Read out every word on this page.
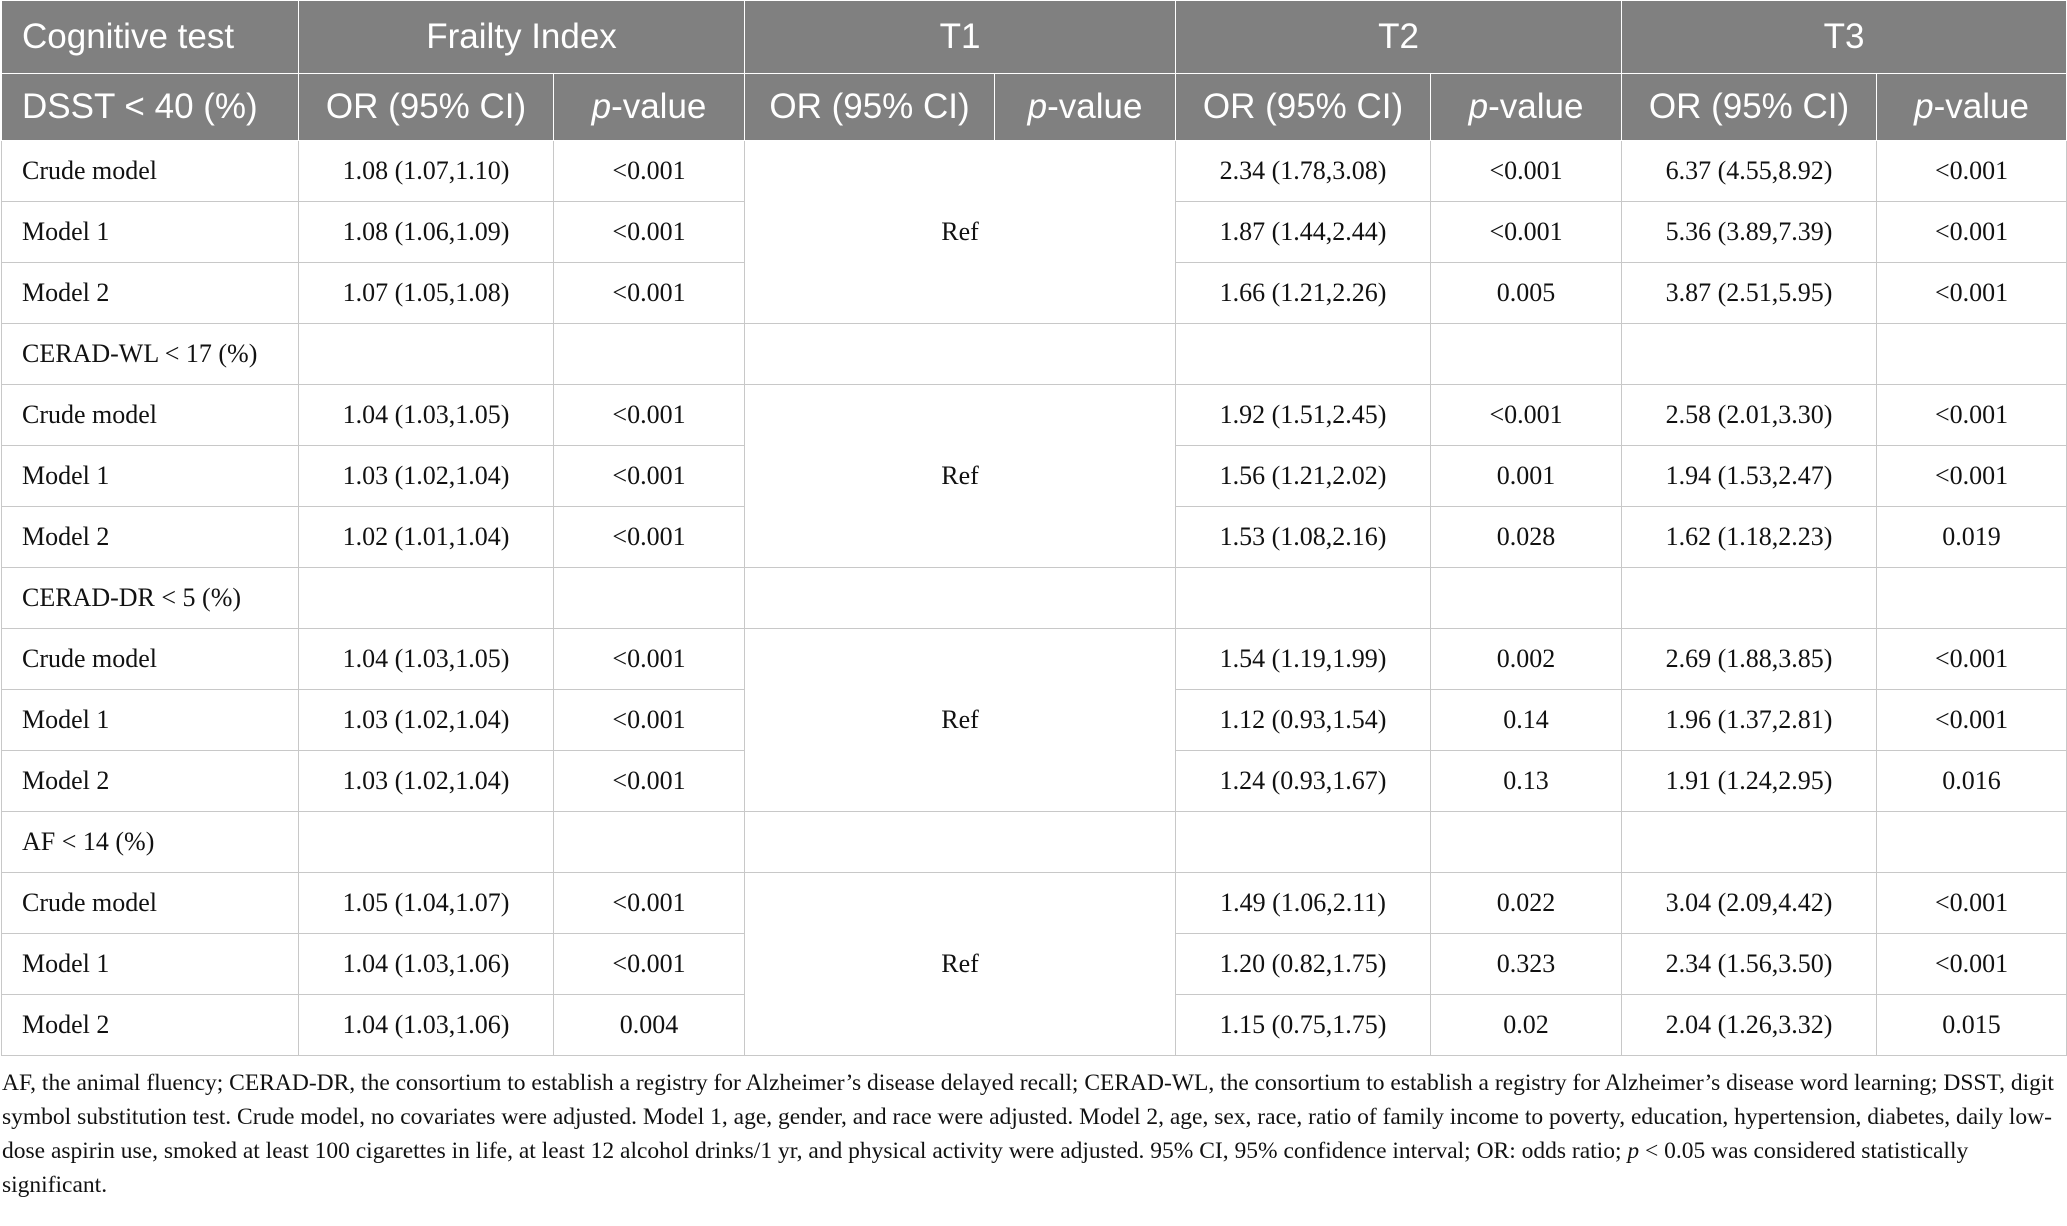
Cognitive test	Frailty Index		T1		T2		T3	
DSST < 40 (%)	OR (95% CI)	p-value	OR (95% CI)	p-value	OR (95% CI)	p-value	OR (95% CI)	p-value
Crude model	1.08 (1.07,1.10)	<0.001	Ref		2.34 (1.78,3.08)	<0.001	6.37 (4.55,8.92)	<0.001
Model 1	1.08 (1.06,1.09)	<0.001			1.87 (1.44,2.44)	<0.001	5.36 (3.89,7.39)	<0.001
Model 2	1.07 (1.05,1.08)	<0.001			1.66 (1.21,2.26)	0.005	3.87 (2.51,5.95)	<0.001
CERAD-WL < 17 (%)								
Crude model	1.04 (1.03,1.05)	<0.001	Ref		1.92 (1.51,2.45)	<0.001	2.58 (2.01,3.30)	<0.001
Model 1	1.03 (1.02,1.04)	<0.001			1.56 (1.21,2.02)	0.001	1.94 (1.53,2.47)	<0.001
Model 2	1.02 (1.01,1.04)	<0.001			1.53 (1.08,2.16)	0.028	1.62 (1.18,2.23)	0.019
CERAD-DR < 5 (%)								
Crude model	1.04 (1.03,1.05)	<0.001	Ref		1.54 (1.19,1.99)	0.002	2.69 (1.88,3.85)	<0.001
Model 1	1.03 (1.02,1.04)	<0.001			1.12 (0.93,1.54)	0.14	1.96 (1.37,2.81)	<0.001
Model 2	1.03 (1.02,1.04)	<0.001			1.24 (0.93,1.67)	0.13	1.91 (1.24,2.95)	0.016
AF < 14 (%)								
Crude model	1.05 (1.04,1.07)	<0.001	Ref		1.49 (1.06,2.11)	0.022	3.04 (2.09,4.42)	<0.001
Model 1	1.04 (1.03,1.06)	<0.001			1.20 (0.82,1.75)	0.323	2.34 (1.56,3.50)	<0.001
Model 2	1.04 (1.03,1.06)	0.004			1.15 (0.75,1.75)	0.02	2.04 (1.26,3.32)	0.015

AF, the animal fluency; CERAD-DR, the consortium to establish a registry for Alzheimer’s disease delayed recall; CERAD-WL, the consortium to establish a registry for Alzheimer’s disease word learning; DSST, digit symbol substitution test. Crude model, no covariates were adjusted. Model 1, age, gender, and race were adjusted. Model 2, age, sex, race, ratio of family income to poverty, education, hypertension, diabetes, daily low-dose aspirin use, smoked at least 100 cigarettes in life, at least 12 alcohol drinks/1 yr, and physical activity were adjusted. 95% CI, 95% confidence interval; OR: odds ratio; p < 0.05 was considered statistically significant.
